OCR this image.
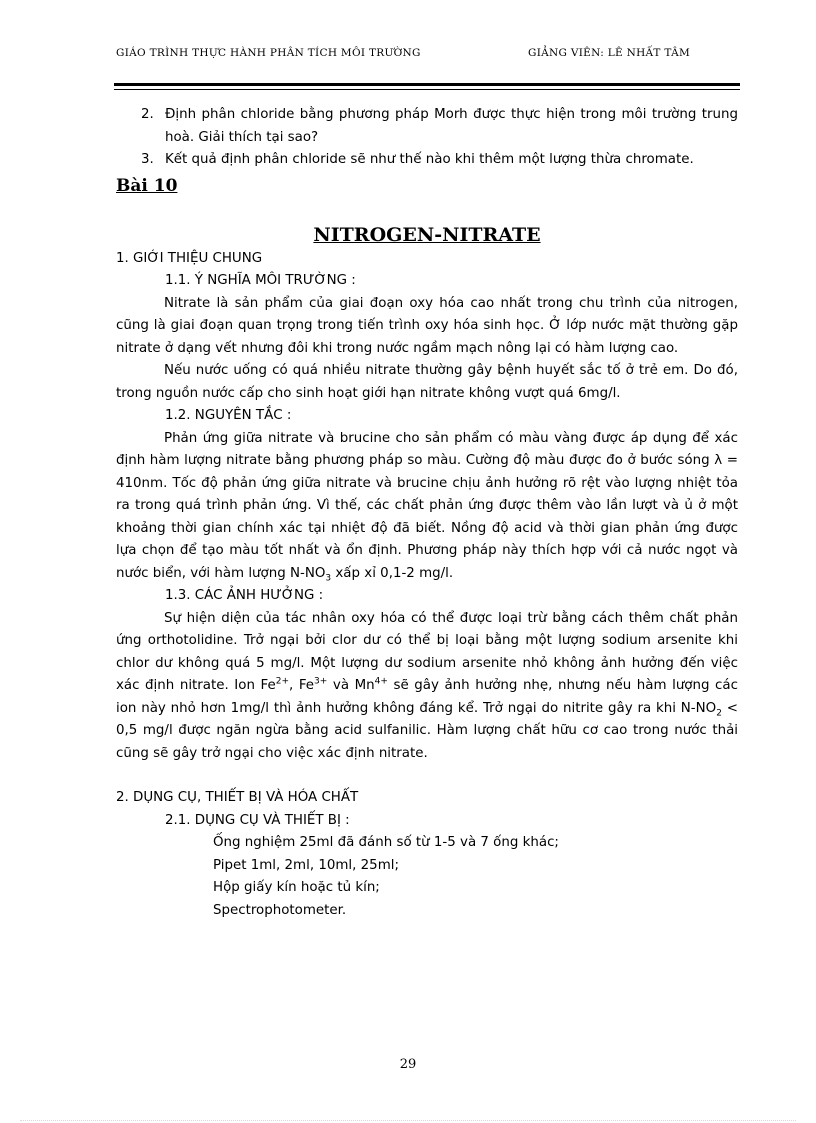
GIÁO TRÌNH THỰC HÀNH PHÂN TÍCH MÔI TRƯỜNG	GIẢNG VIÊN: LÊ NHẤT TÂM
2. Định phân chloride bằng phương pháp Morh được thực hiện trong môi trường trung hoà. Giải thích tại sao?
3. Kết quả định phân chloride sẽ như thế nào khi thêm một lượng thừa chromate.
Bài 10
NITROGEN-NITRATE
1. GIỚI THIỆU CHUNG
1.1. Ý NGHĨA MÔI TRƯỜNG :
Nitrate là sản phẩm của giai đoạn oxy hóa cao nhất trong chu trình của nitrogen, cũng là giai đoạn quan trọng trong tiến trình oxy hóa sinh học. Ở lớp nước mặt thường gặp nitrate ở dạng vết nhưng đôi khi trong nước ngầm mạch nông lại có hàm lượng cao.
Nếu nước uống có quá nhiều nitrate thường gây bệnh huyết sắc tố ở trẻ em. Do đó, trong nguồn nước cấp cho sinh hoạt giới hạn nitrate không vượt quá 6mg/l.
1.2. NGUYÊN TẮC :
Phản ứng giữa nitrate và brucine cho sản phẩm có màu vàng được áp dụng để xác định hàm lượng nitrate bằng phương pháp so màu. Cường độ màu được đo ở bước sóng λ = 410nm. Tốc độ phản ứng giữa nitrate và brucine chịu ảnh hưởng rõ rệt vào lượng nhiệt tỏa ra trong quá trình phản ứng. Vì thế, các chất phản ứng được thêm vào lần lượt và ủ ở một khoảng thời gian chính xác tại nhiệt độ đã biết. Nồng độ acid và thời gian phản ứng được lựa chọn để tạo màu tốt nhất và ổn định. Phương pháp này thích hợp với cả nước ngọt và nước biển, với hàm lượng $N-NO_3$ xấp xỉ 0,1-2 mg/l.
1.3. CÁC ẢNH HƯỞNG :
Sự hiện diện của tác nhân oxy hóa có thể được loại trừ bằng cách thêm chất phản ứng orthotolidine. Trở ngại bởi clor dư có thể bị loại bằng một lượng sodium arsenite khi chlor dư không quá 5 mg/l. Một lượng dư sodium arsenite nhỏ không ảnh hưởng đến việc xác định nitrate. Ion $Fe^{2+}$, $Fe^{3+}$ và $Mn^{4+}$ sẽ gây ảnh hưởng nhẹ, nhưng nếu hàm lượng các ion này nhỏ hơn 1mg/l thì ảnh hưởng không đáng kể. Trở ngại do nitrite gây ra khi $N-NO_2 < 0,5$ mg/l được ngăn ngừa bằng acid sulfanilic. Hàm lượng chất hữu cơ cao trong nước thải cũng sẽ gây trở ngại cho việc xác định nitrate.
2. DỤNG CỤ, THIẾT BỊ VÀ HÓA CHẤT
2.1. DỤNG CỤ VÀ THIẾT BỊ :
Ống nghiệm 25ml đã đánh số từ 1-5 và 7 ống khác;
Pipet 1ml, 2ml, 10ml, 25ml;
Hộp giấy kín hoặc tủ kín;
Spectrophotometer.
29
